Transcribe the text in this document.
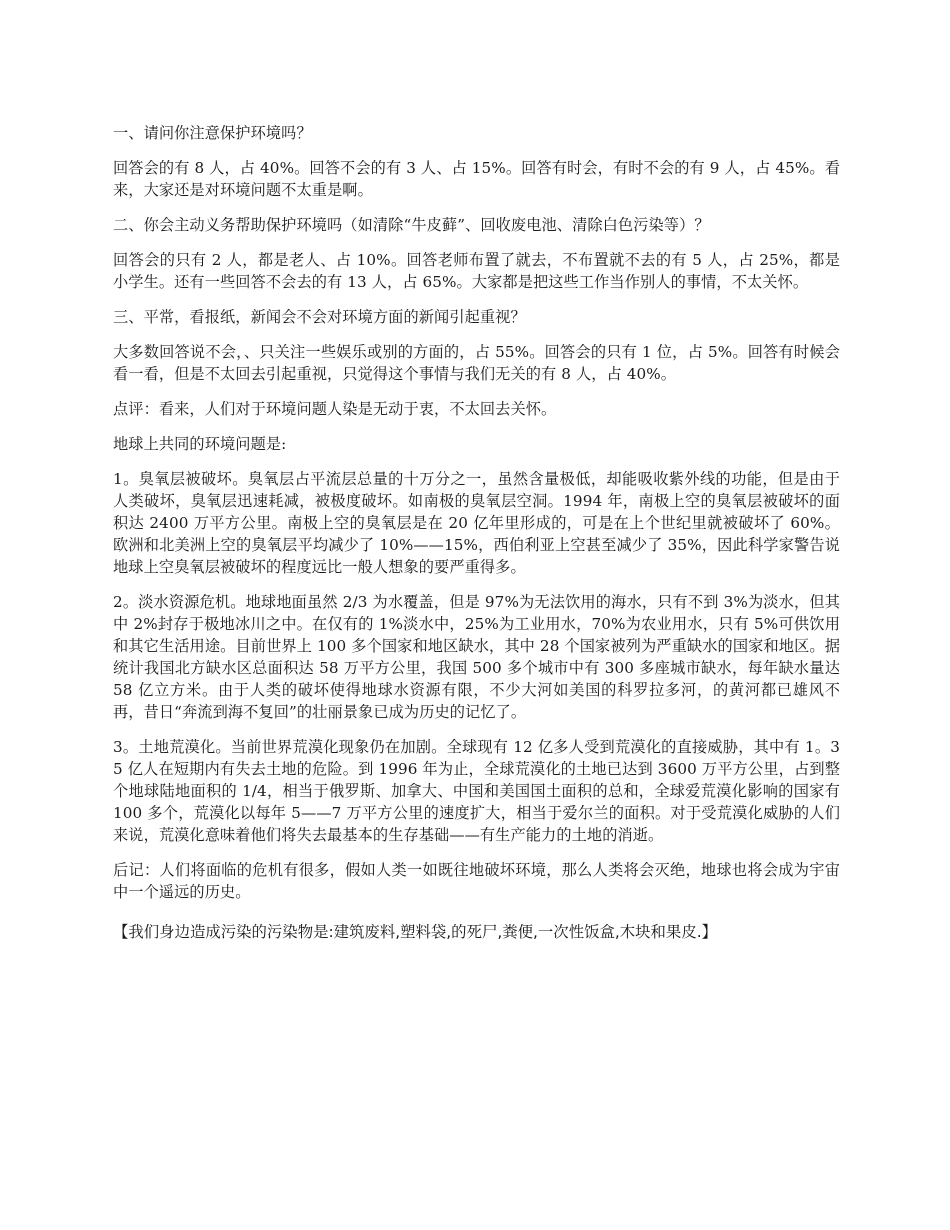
一、请问你注意保护环境吗？

回答会的有 8 人，占 40%。回答不会的有 3 人、占 15%。回答有时会，有时不会的有 9 人，占 45%。看来，大家还是对环境问题不太重是啊。

二、你会主动义务帮助保护环境吗（如清除“牛皮藓”、回收废电池、清除白色污染等）？

回答会的只有 2 人，都是老人、占 10%。回答老师布置了就去，不布置就不去的有 5 人，占 25%，都是小学生。还有一些回答不会去的有 13 人，占 65%。大家都是把这些工作当作别人的事情，不太关怀。

三、平常，看报纸，新闻会不会对环境方面的新闻引起重视？

大多数回答说不会，、只关注一些娱乐或别的方面的，占 55%。回答会的只有 1 位，占 5%。回答有时候会看一看，但是不太回去引起重视，只觉得这个事情与我们无关的有 8 人，占 40%。

点评：看来，人们对于环境问题人染是无动于衷，不太回去关怀。

地球上共同的环境问题是:

1。臭氧层被破坏。臭氧层占平流层总量的十万分之一，虽然含量极低，却能吸收紫外线的功能，但是由于人类破坏，臭氧层迅速耗减，被极度破坏。如南极的臭氧层空洞。1994 年，南极上空的臭氧层被破坏的面积达 2400 万平方公里。南极上空的臭氧层是在 20 亿年里形成的，可是在上个世纪里就被破坏了 60%。欧洲和北美洲上空的臭氧层平均减少了 10%——15%，西伯利亚上空甚至减少了 35%，因此科学家警告说地球上空臭氧层被破坏的程度远比一般人想象的要严重得多。

2。淡水资源危机。地球地面虽然 2/3 为水覆盖，但是 97%为无法饮用的海水，只有不到 3%为淡水，但其中 2%封存于极地冰川之中。在仅有的 1%淡水中，25%为工业用水，70%为农业用水，只有 5%可供饮用和其它生活用途。目前世界上 100 多个国家和地区缺水，其中 28 个国家被列为严重缺水的国家和地区。据统计我国北方缺水区总面积达 58 万平方公里，我国 500 多个城市中有 300 多座城市缺水，每年缺水量达 58 亿立方米。由于人类的破坏使得地球水资源有限，不少大河如美国的科罗拉多河，的黄河都已雄风不再，昔日“奔流到海不复回”的壮丽景象已成为历史的记忆了。

3。土地荒漠化。当前世界荒漠化现象仍在加剧。全球现有 12 亿多人受到荒漠化的直接威胁，其中有 1。35 亿人在短期内有失去土地的危险。到 1996 年为止，全球荒漠化的土地已达到 3600 万平方公里，占到整个地球陆地面积的 1/4，相当于俄罗斯、加拿大、中国和美国国土面积的总和，全球爱荒漠化影响的国家有 100 多个，荒漠化以每年 5——7 万平方公里的速度扩大，相当于爱尔兰的面积。对于受荒漠化威胁的人们来说，荒漠化意味着他们将失去最基本的生存基础——有生产能力的土地的消逝。

后记：人们将面临的危机有很多，假如人类一如既往地破坏环境，那么人类将会灭绝，地球也将会成为宇宙中一个遥远的历史。

【我们身边造成污染的污染物是:建筑废料,塑料袋,的死尸,粪便,一次性饭盒,木块和果皮.】
